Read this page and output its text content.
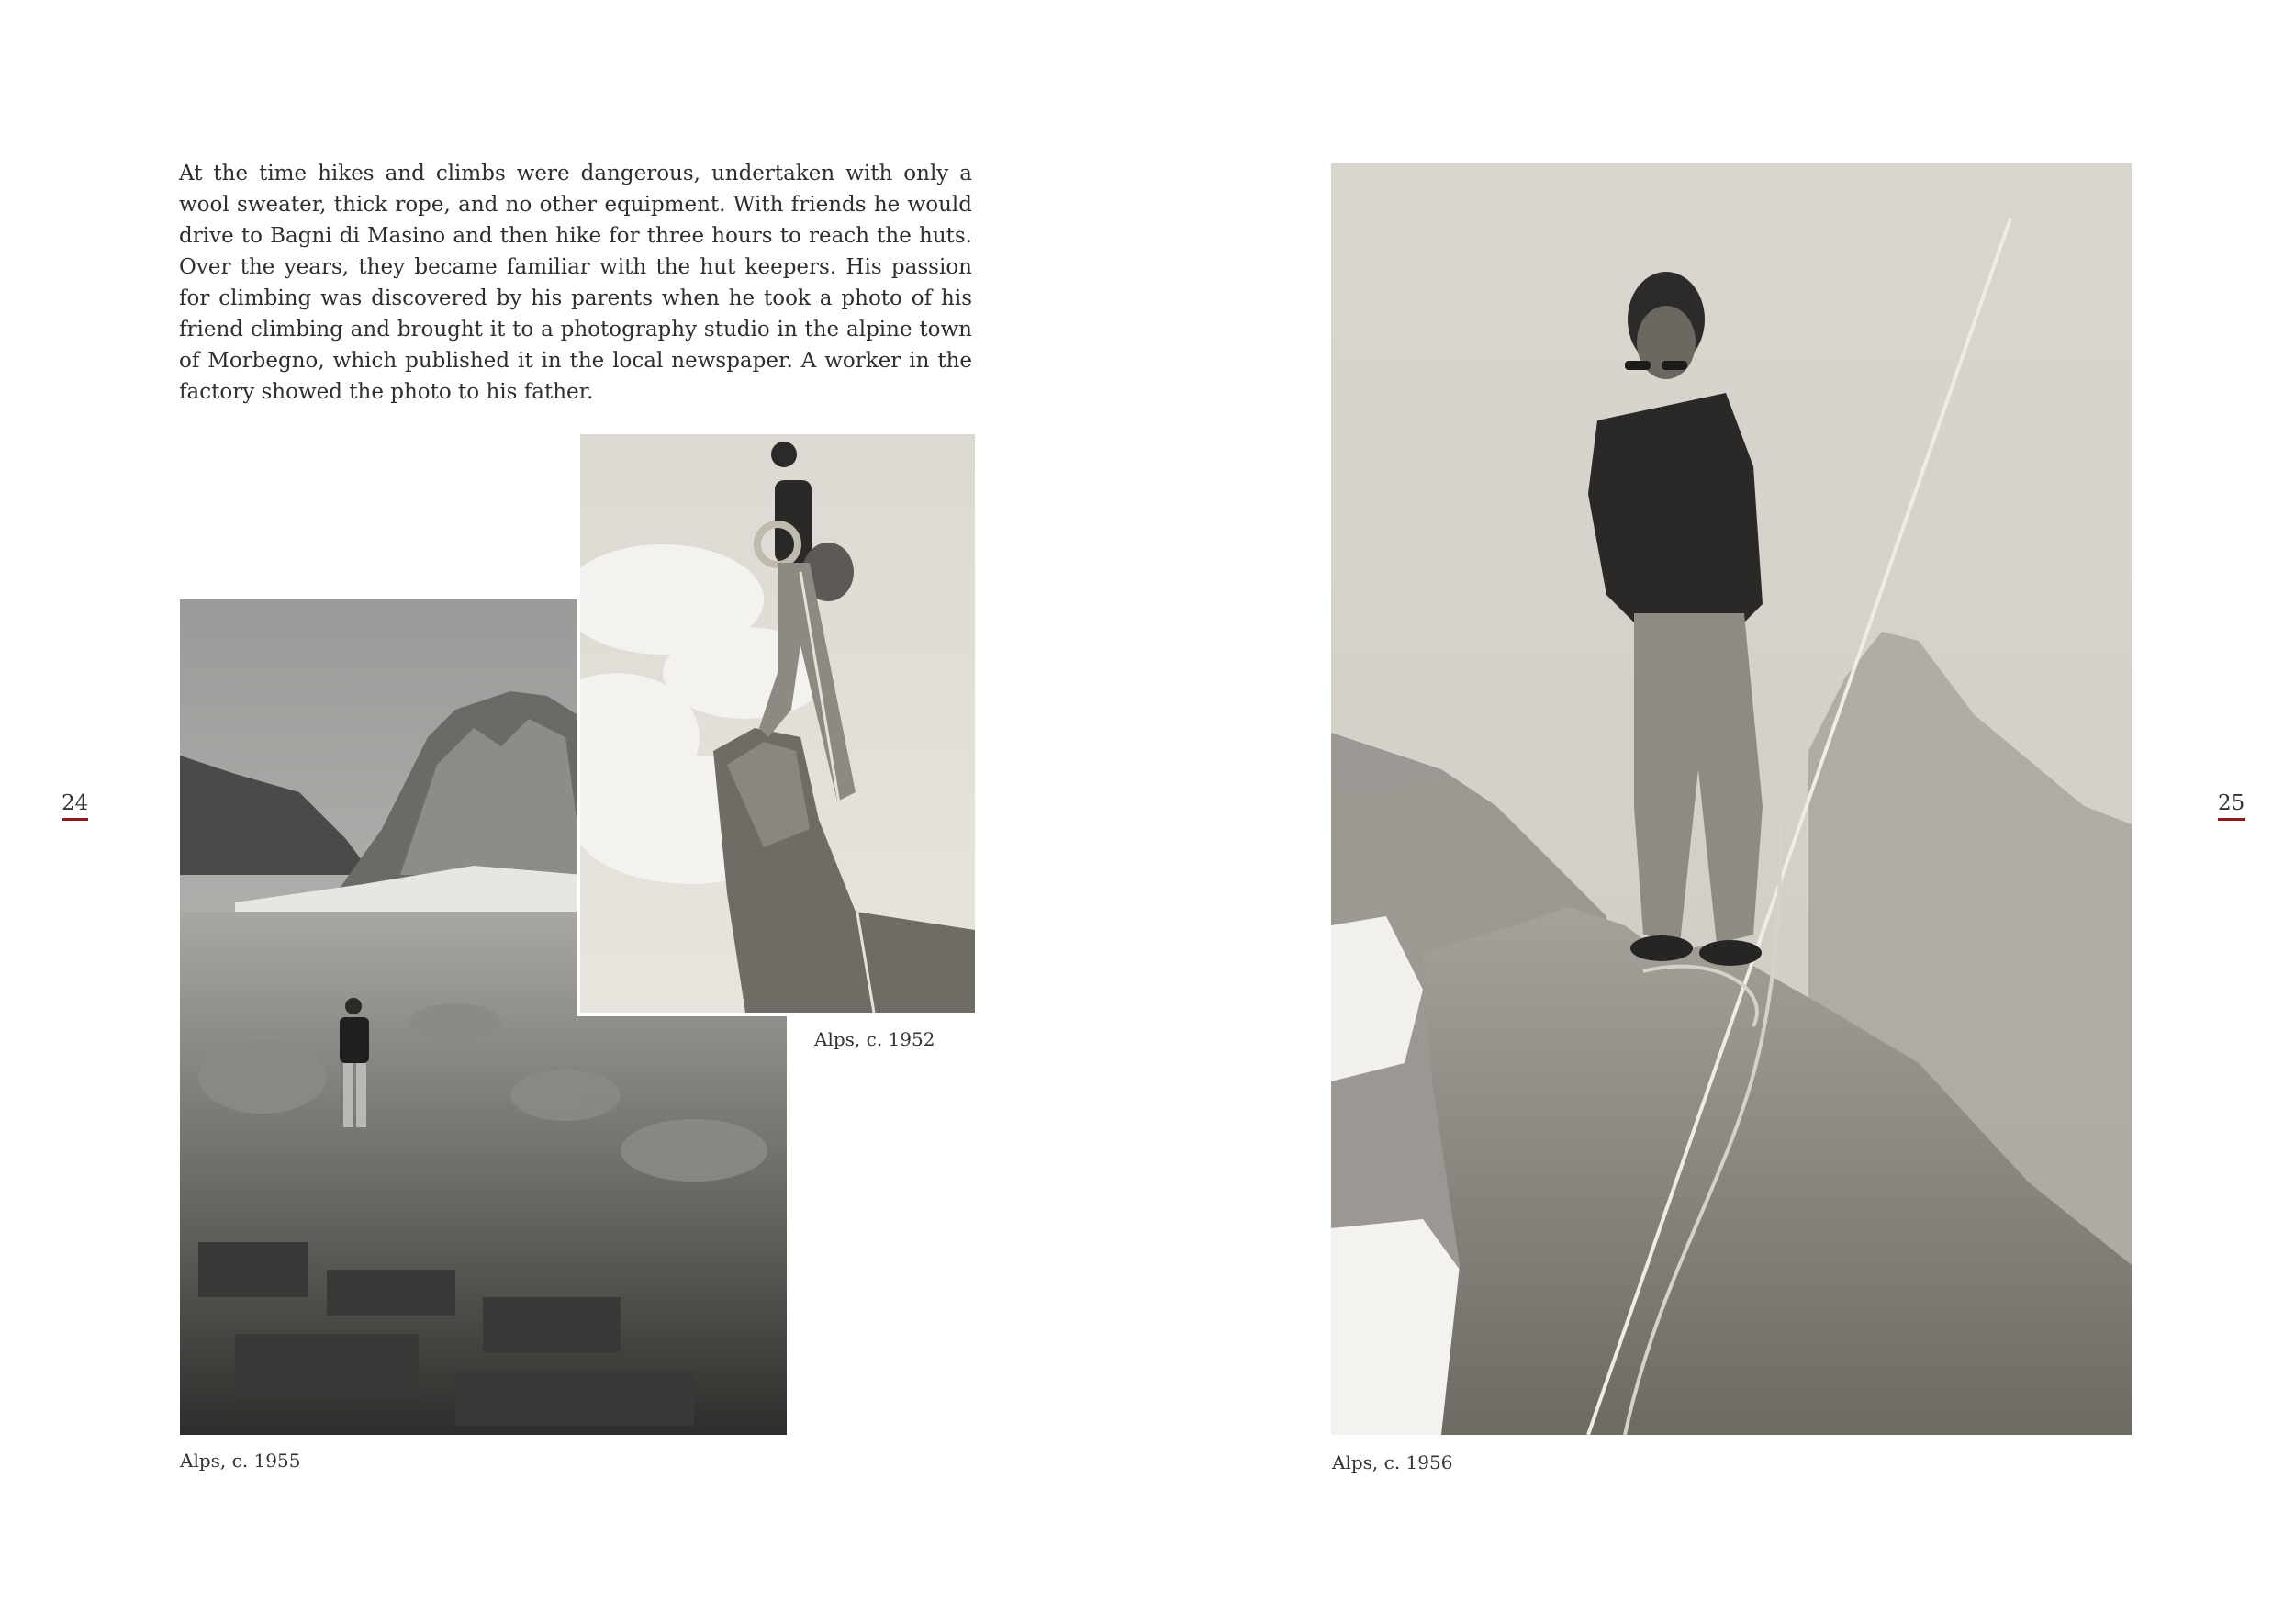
At the time hikes and climbs were dangerous, undertaken with only a wool sweater, thick rope, and no other equipment. With friends he would drive to Bagni di Masino and then hike for three hours to reach the huts. Over the years, they became familiar with the hut keepers. His passion for climbing was discovered by his parents when he took a photo of his friend climbing and brought it to a photography studio in the alpine town of Morbegno, which published it in the local newspaper. A worker in the factory showed the photo to his father.

Alps, c. 1955
Alps, c. 1952
24
Alps, c. 1956
25
